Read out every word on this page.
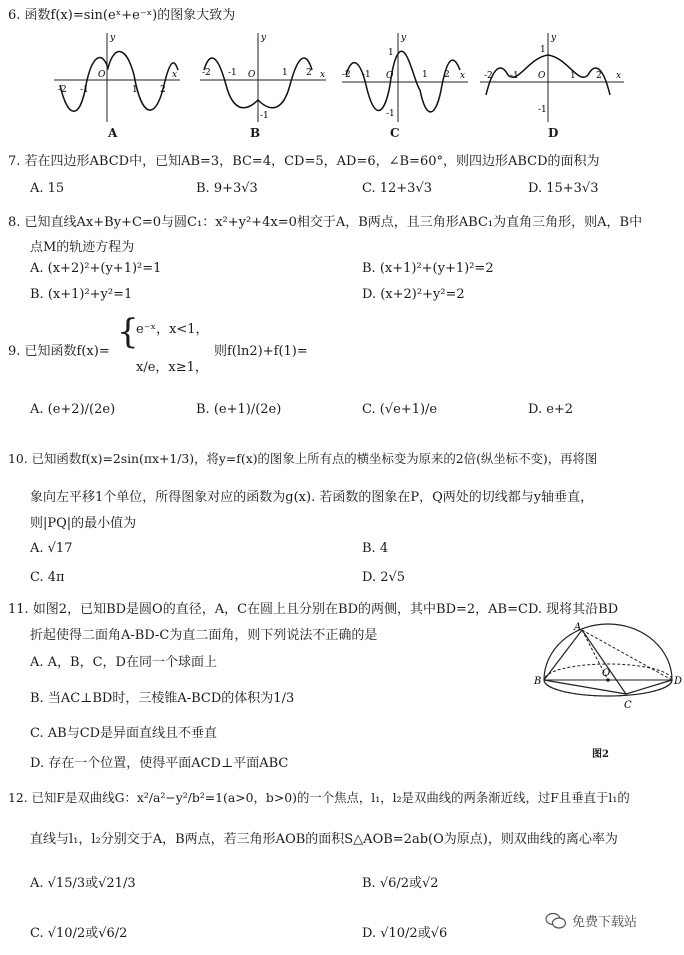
6. 函数f(x)=sin(eˣ+e⁻ˣ)的图象大致为
-2 -1
O
1 2
x
y
A
-2 -1 O	1 2 x
y
-1
B
-2 -1 O	1 2 x
y
1
-1
C
-2 -1 O	1 2 x
y
1
-1
D
7. 若在四边形ABCD中，已知AB=3，BC=4，CD=5，AD=6，∠B=60°，则四边形ABCD的面积为
A. 15	B. 9+3√3	C. 12+3√3	D. 15+3√3
8. 已知直线Ax+By+C=0与圆C₁：x²+y²+4x=0相交于A，B两点，且三角形ABC₁为直角三角形，则A，B中
点M的轨迹方程为
A. (x+2)²+(y+1)²=1	B. (x+1)²+(y+1)²=2
B. (x+1)²+y²=1	D. (x+2)²+y²=2
9. 已知函数f(x)= {
e⁻ˣ，x<1，
x/e，x≥1，
则f(ln2)+f(1)=
A. (e+2)/(2e)	B. (e+1)/(2e)	C. (√e+1)/e	D. e+2
10. 已知函数f(x)=2sin(πx+1/3)，将y=f(x)的图象上所有点的横坐标变为原来的2倍(纵坐标不变)，再将图
象向左平移1个单位，所得图象对应的函数为g(x). 若函数的图象在P，Q两处的切线都与y轴垂直，
则|PQ|的最小值为
A. √17	B. 4
C. 4π	D. 2√5
11. 如图2，已知BD是圆O的直径，A，C在圆上且分别在BD的两侧，其中BD=2，AB=CD. 现将其沿BD
折起使得二面角A-BD-C为直二面角，则下列说法不正确的是
A. A，B，C，D在同一个球面上
B. 当AC⊥BD时，三棱锥A-BCD的体积为1/3
C. AB与CD是异面直线且不垂直
D. 存在一个位置，使得平面ACD⊥平面ABC
A
B
O
C
D
图2
12. 已知F是双曲线G：x²/a²−y²/b²=1(a>0，b>0)的一个焦点，l₁，l₂是双曲线的两条渐近线，过F且垂直于l₁的
直线与l₁，l₂分别交于A，B两点，若三角形AOB的面积S△AOB=2ab(O为原点)，则双曲线的离心率为
A. √15/3或√21/3	B. √6/2或√2
C. √10/2或√6/2	D. √10/2或√6
免费下载站
